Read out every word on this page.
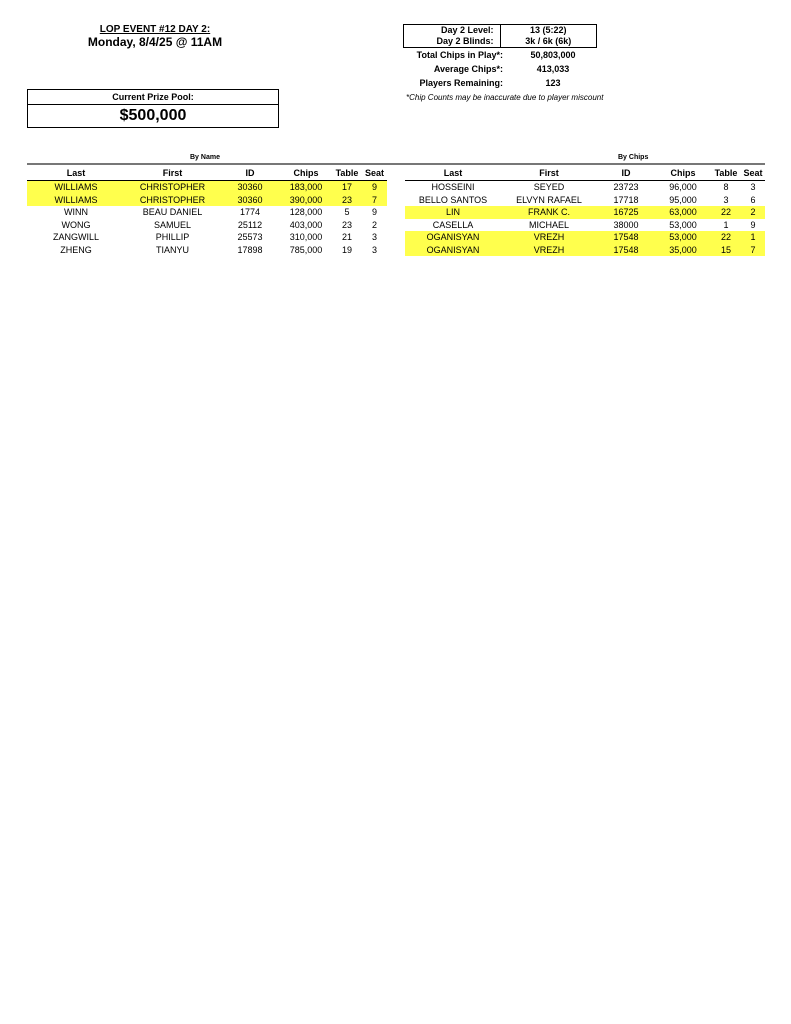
LOP EVENT #12 DAY 2:
Monday, 8/4/25 @ 11AM
Current Prize Pool:
$500,000
Day 2 Level:	13 (5:22)
Day 2 Blinds:	3k / 6k (6k)
Total Chips in Play*:	50,803,000
Average Chips*:	413,033
Players Remaining:	123
*Chip Counts may be inaccurate due to player miscount
By Name	By Chips
Last	First	ID	Chips	Table	Seat
WILLIAMS	CHRISTOPHER	30360	183,000	17	9
WILLIAMS	CHRISTOPHER	30360	390,000	23	7
WINN	BEAU DANIEL	1774	128,000	5	9
WONG	SAMUEL	25112	403,000	23	2
ZANGWILL	PHILLIP	25573	310,000	21	3
ZHENG	TIANYU	17898	785,000	19	3
Last	First	ID	Chips	Table	Seat
HOSSEINI	SEYED	23723	96,000	8	3
BELLO SANTOS	ELVYN RAFAEL	17718	95,000	3	6
LIN	FRANK C.	16725	63,000	22	2
CASELLA	MICHAEL	38000	53,000	1	9
OGANISYAN	VREZH	17548	53,000	22	1
OGANISYAN	VREZH	17548	35,000	15	7
